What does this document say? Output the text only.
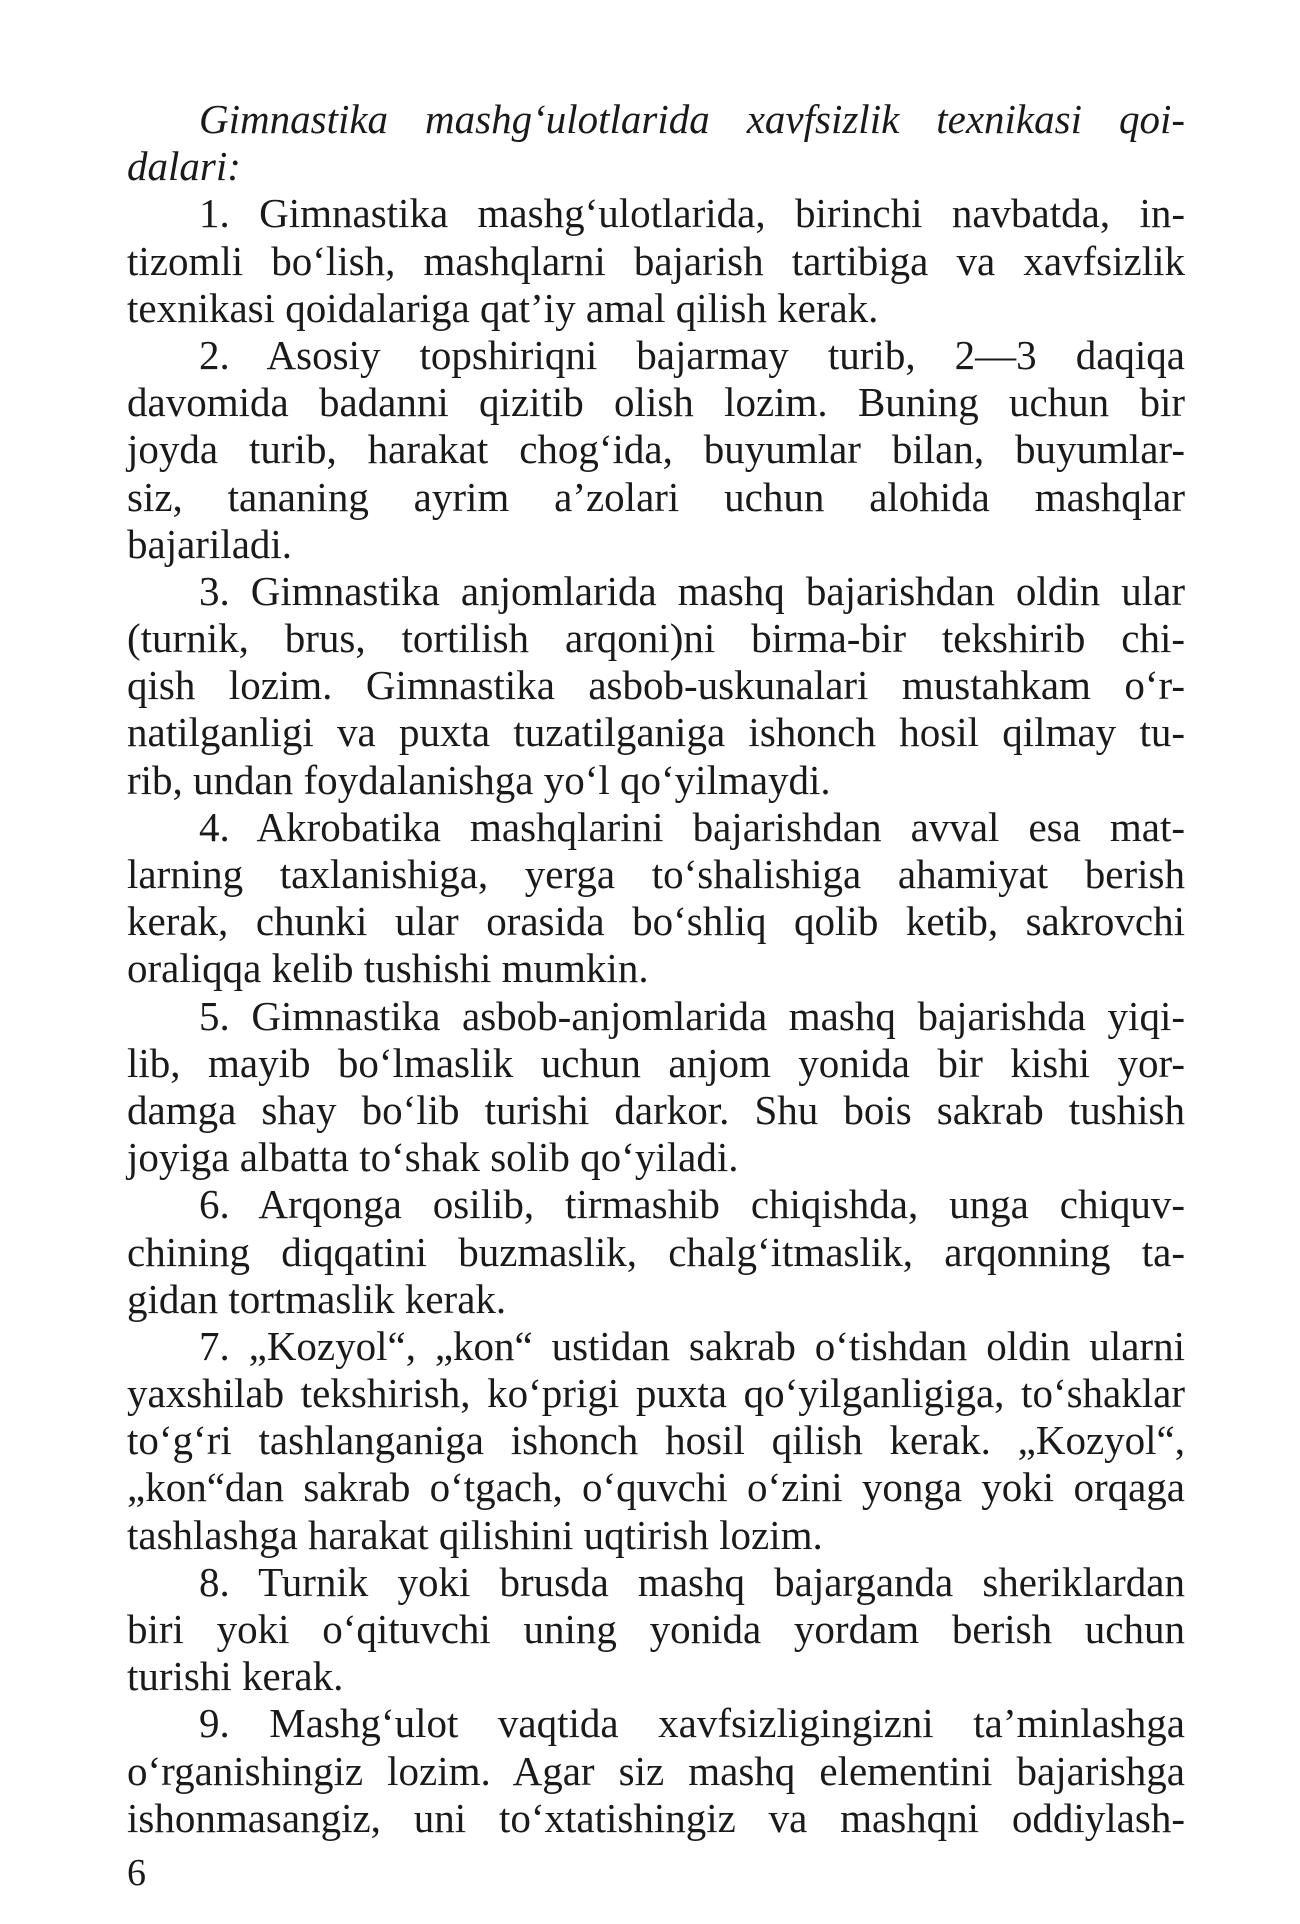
Gimnastika mashg‘ulotlarida xavfsizlik texnikasi qoi-
dalari:
1. Gimnastika mashg‘ulotlarida, birinchi navbatda, in-
tizomli bo‘lish, mashqlarni bajarish tartibiga va xavfsizlik
texnikasi qoidalariga qat’iy amal qilish kerak.
2. Asosiy topshiriqni bajarmay turib, 2—3 daqiqa
davomida badanni qizitib olish lozim. Buning uchun bir
joyda turib, harakat chog‘ida, buyumlar bilan, buyumlar-
siz, tananing ayrim a’zolari uchun alohida mashqlar
bajariladi.
3. Gimnastika anjomlarida mashq bajarishdan oldin ular
(turnik, brus, tortilish arqoni)ni birma-bir tekshirib chi-
qish lozim. Gimnastika asbob-uskunalari mustahkam o‘r-
natilganligi va puxta tuzatilganiga ishonch hosil qilmay tu-
rib, undan foydalanishga yo‘l qo‘yilmaydi.
4. Akrobatika mashqlarini bajarishdan avval esa mat-
larning taxlanishiga, yerga to‘shalishiga ahamiyat berish
kerak, chunki ular orasida bo‘shliq qolib ketib, sakrovchi
oraliqqa kelib tushishi mumkin.
5. Gimnastika asbob-anjomlarida mashq bajarishda yiqi-
lib, mayib bo‘lmaslik uchun anjom yonida bir kishi yor-
damga shay bo‘lib turishi darkor. Shu bois sakrab tushish
joyiga albatta to‘shak solib qo‘yiladi.
6. Arqonga osilib, tirmashib chiqishda, unga chiquv-
chining diqqatini buzmaslik, chalg‘itmaslik, arqonning ta-
gidan tortmaslik kerak.
7. „Kozyol“, „kon“ ustidan sakrab o‘tishdan oldin ularni
yaxshilab tekshirish, ko‘prigi puxta qo‘yilganligiga, to‘shaklar
to‘g‘ri tashlanganiga ishonch hosil qilish kerak. „Kozyol“,
„kon“dan sakrab o‘tgach, o‘quvchi o‘zini yonga yoki orqaga
tashlashga harakat qilishini uqtirish lozim.
8. Turnik yoki brusda mashq bajarganda sheriklardan
biri yoki o‘qituvchi uning yonida yordam berish uchun
turishi kerak.
9. Mashg‘ulot vaqtida xavfsizligingizni ta’minlashga
o‘rganishingiz lozim. Agar siz mashq elementini bajarishga
ishonmasangiz, uni to‘xtatishingiz va mashqni oddiylash-
6
